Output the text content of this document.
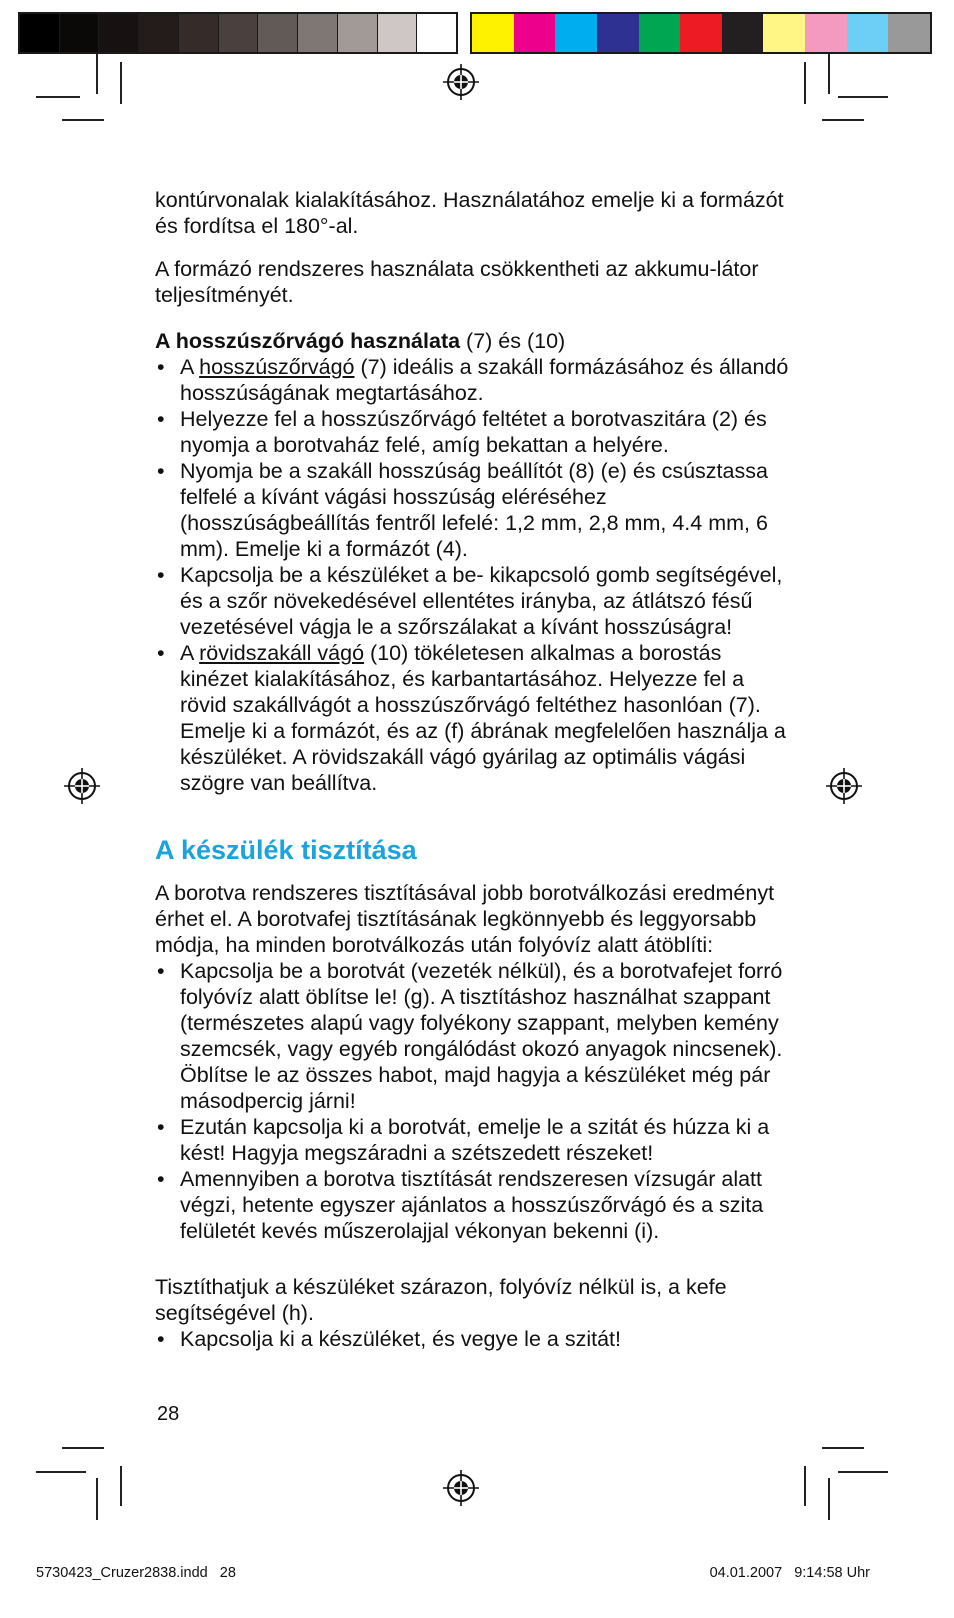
kontúrvonalak kialakításához. Használatához emelje ki a formázót és fordítsa el 180°-al.

A formázó rendszeres használata csökkentheti az akkumu-látor teljesítményét.

A hosszúszőrvágó használata (7) és (10)

• A hosszúszőrvágó (7) ideális a szakáll formázásához és állandó hosszúságának megtartásához.
• Helyezze fel a hosszúszőrvágó feltétet a borotvaszitára (2) és nyomja a borotvaház felé, amíg bekattan a helyére.
• Nyomja be a szakáll hosszúság beállítót (8) (e) és csúsztassa felfelé a kívánt vágási hosszúság eléréséhez (hosszúságbeállítás fentről lefelé: 1,2 mm, 2,8 mm, 4.4 mm, 6 mm). Emelje ki a formázót (4).
• Kapcsolja be a készüléket a be- kikapcsoló gomb segítségével, és a szőr növekedésével ellentétes irányba, az átlátszó fésű vezetésével vágja le a szőrszálakat a kívánt hosszúságra!
• A rövidszakáll vágó (10) tökéletesen alkalmas a borostás kinézet kialakításához, és karbantartásához. Helyezze fel a rövid szakállvágót a hosszúszőrvágó feltéthez hasonlóan (7). Emelje ki a formázót, és az (f) ábrának megfelelően használja a készüléket. A rövidszakáll vágó gyárilag az optimális vágási szögre van beállítva.
A készülék tisztítása

A borotva rendszeres tisztításával jobb borotválkozási eredményt érhet el. A borotvafej tisztításának legkönnyebb és leggyorsabb módja, ha minden borotválkozás után folyóvíz alatt átöblíti:

• Kapcsolja be a borotvát (vezeték nélkül), és a borotvafejet forró folyóvíz alatt öblítse le! (g). A tisztításhoz használhat szappant (természetes alapú vagy folyékony szappant, melyben kemény szemcsék, vagy egyéb rongálódást okozó anyagok nincsenek). Öblítse le az összes habot, majd hagyja a készüléket még pár másodpercig járni!
• Ezután kapcsolja ki a borotvát, emelje le a szitát és húzza ki a kést! Hagyja megszáradni a szétszedett részeket!
• Amennyiben a borotva tisztítását rendszeresen vízsugár alatt végzi, hetente egyszer ajánlatos a hosszúszőrvágó és a szita felületét kevés műszerolajjal vékonyan bekenni (i).

Tisztíthatjuk a készüléket szárazon, folyóvíz nélkül is, a kefe segítségével (h).

• Kapcsolja ki a készüléket, és vegye le a szitát!
28
5730423_Cruzer2838.indd   28	04.01.2007   9:14:58 Uhr
